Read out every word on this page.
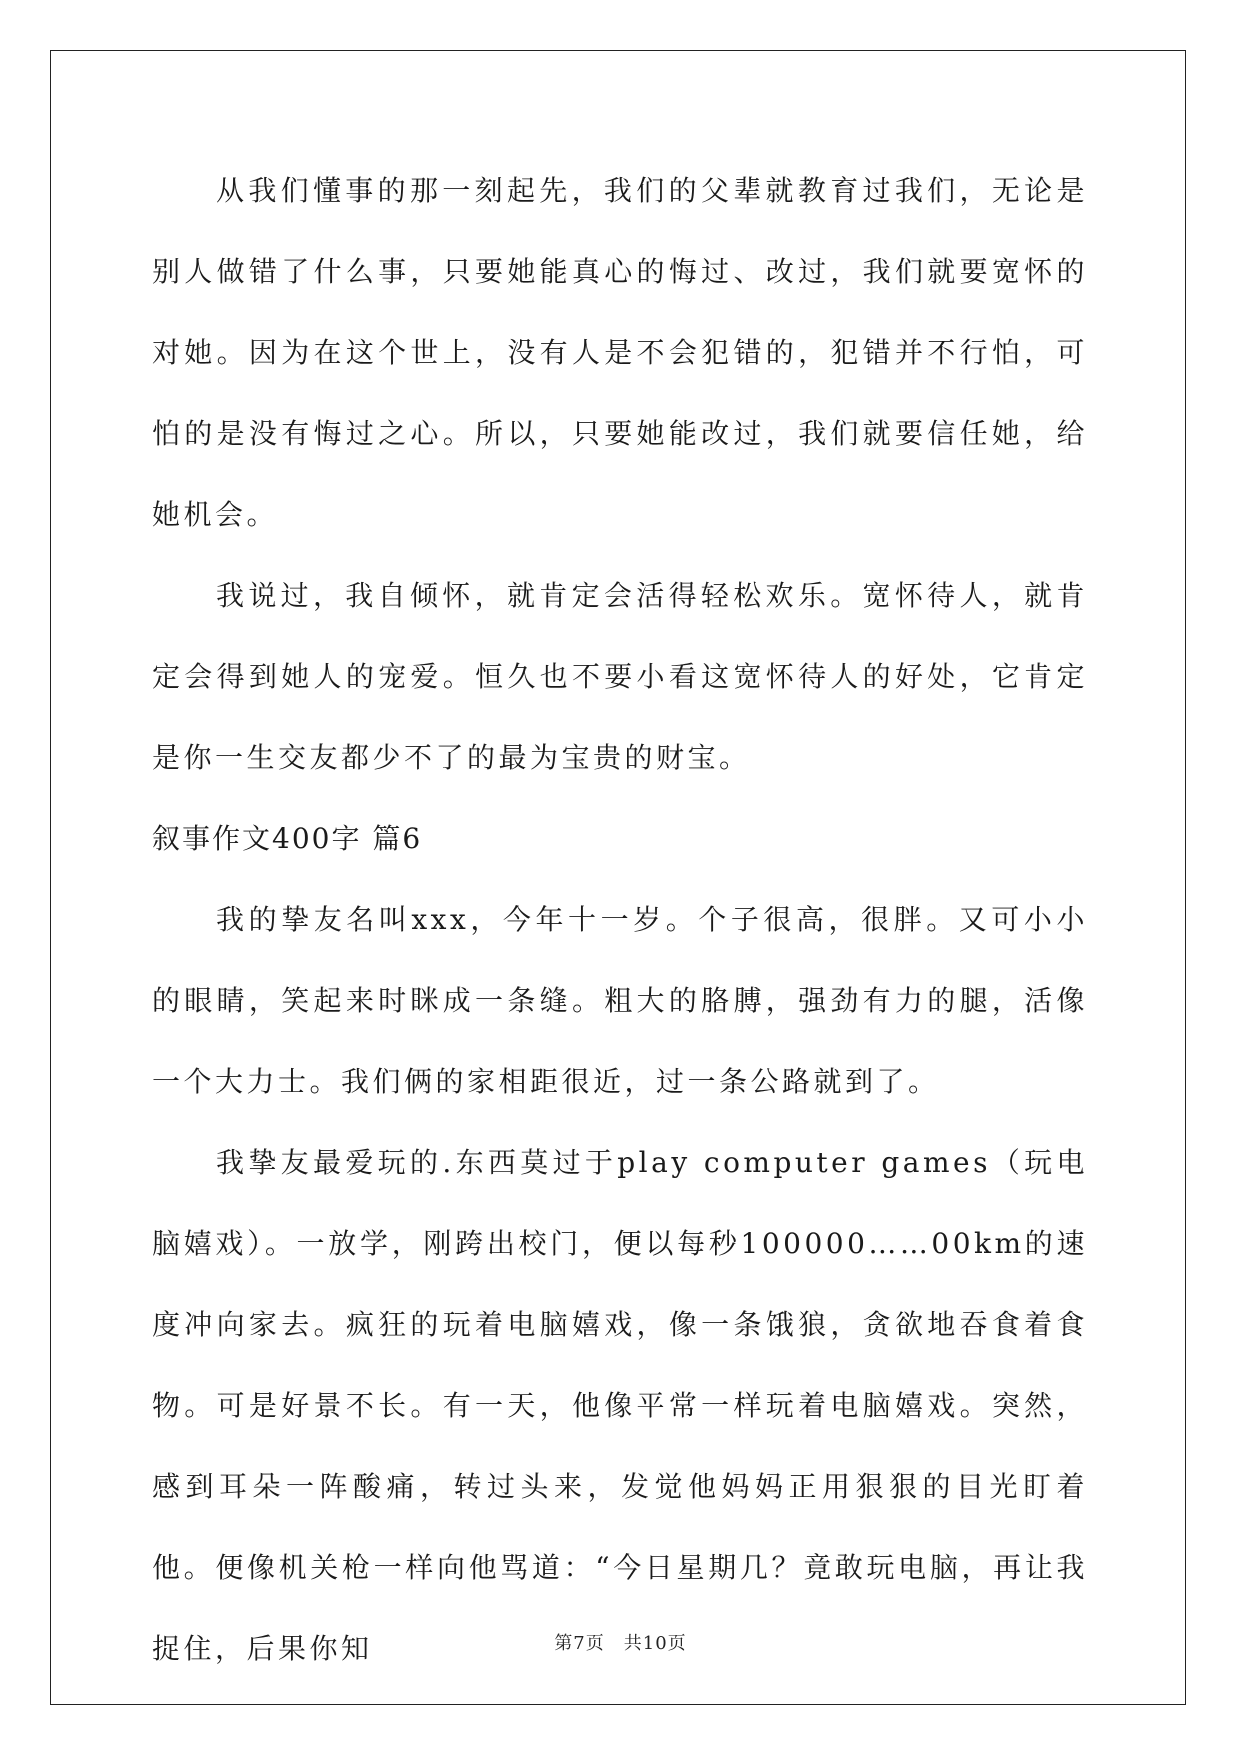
从我们懂事的那一刻起先，我们的父辈就教育过我们，无论是别人做错了什么事，只要她能真心的悔过、改过，我们就要宽怀的对她。因为在这个世上，没有人是不会犯错的，犯错并不行怕，可怕的是没有悔过之心。所以，只要她能改过，我们就要信任她，给她机会。

我说过，我自倾怀，就肯定会活得轻松欢乐。宽怀待人，就肯定会得到她人的宠爱。恒久也不要小看这宽怀待人的好处，它肯定是你一生交友都少不了的最为宝贵的财宝。

叙事作文400字 篇6

我的挚友名叫xxx，今年十一岁。个子很高，很胖。又可小小的眼睛，笑起来时眯成一条缝。粗大的胳膊，强劲有力的腿，活像一个大力士。我们俩的家相距很近，过一条公路就到了。

我挚友最爱玩的.东西莫过于play computer games（玩电脑嬉戏）。一放学，刚跨出校门，便以每秒100000……00km的速度冲向家去。疯狂的玩着电脑嬉戏，像一条饿狼，贪欲地吞食着食物。可是好景不长。有一天，他像平常一样玩着电脑嬉戏。突然，感到耳朵一阵酸痛，转过头来，发觉他妈妈正用狠狠的目光盯着他。便像机关枪一样向他骂道：“今日星期几？竟敢玩电脑，再让我捉住，后果你知	第7页　共10页
